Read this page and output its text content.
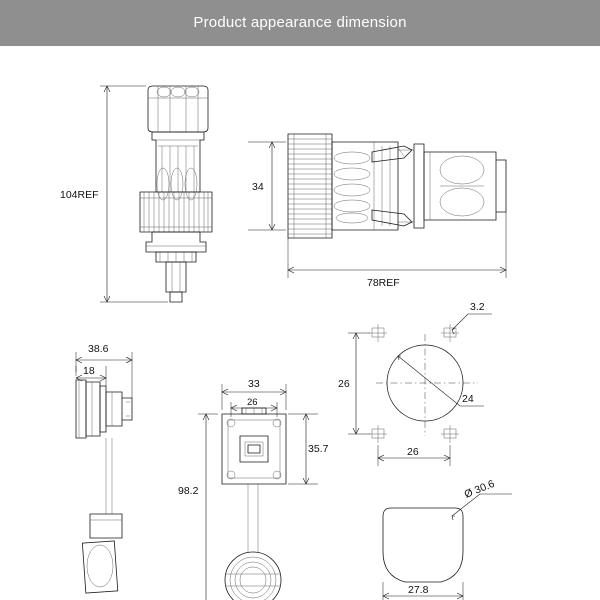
Product appearance dimension
104REF
34
78REF
38.6
18
33
26
35.7
98.2
3.2
24
26
26
Ø 30.6
27.8
